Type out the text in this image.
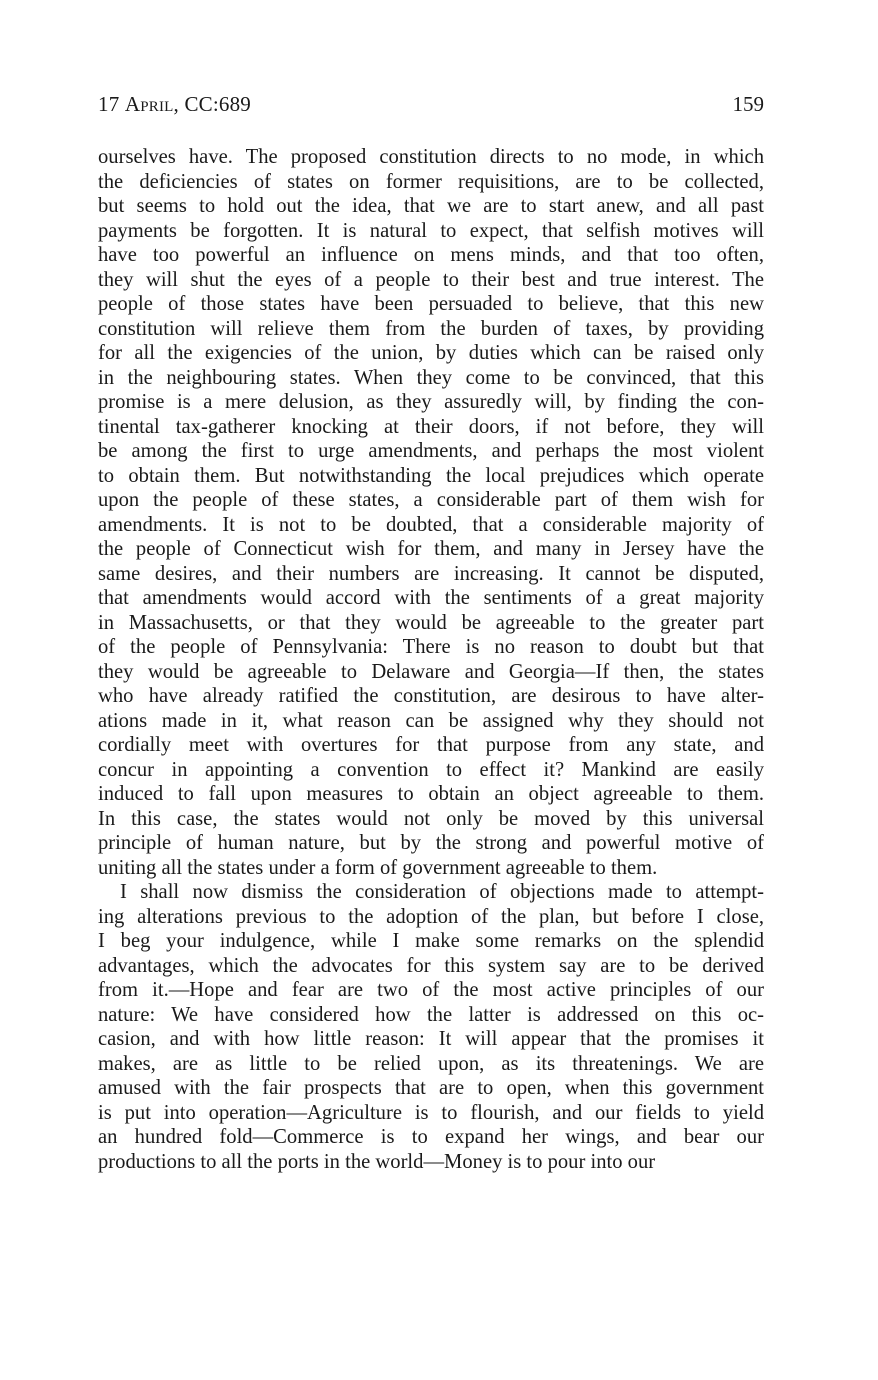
17 April, CC:689	159
ourselves have. The proposed constitution directs to no mode, in which
the deficiencies of states on former requisitions, are to be collected,
but seems to hold out the idea, that we are to start anew, and all past
payments be forgotten. It is natural to expect, that selfish motives will
have too powerful an influence on mens minds, and that too often,
they will shut the eyes of a people to their best and true interest. The
people of those states have been persuaded to believe, that this new
constitution will relieve them from the burden of taxes, by providing
for all the exigencies of the union, by duties which can be raised only
in the neighbouring states. When they come to be convinced, that this
promise is a mere delusion, as they assuredly will, by finding the con-
tinental tax-gatherer knocking at their doors, if not before, they will
be among the first to urge amendments, and perhaps the most violent
to obtain them. But notwithstanding the local prejudices which operate
upon the people of these states, a considerable part of them wish for
amendments. It is not to be doubted, that a considerable majority of
the people of Connecticut wish for them, and many in Jersey have the
same desires, and their numbers are increasing. It cannot be disputed,
that amendments would accord with the sentiments of a great majority
in Massachusetts, or that they would be agreeable to the greater part
of the people of Pennsylvania: There is no reason to doubt but that
they would be agreeable to Delaware and Georgia—If then, the states
who have already ratified the constitution, are desirous to have alter-
ations made in it, what reason can be assigned why they should not
cordially meet with overtures for that purpose from any state, and
concur in appointing a convention to effect it? Mankind are easily
induced to fall upon measures to obtain an object agreeable to them.
In this case, the states would not only be moved by this universal
principle of human nature, but by the strong and powerful motive of
uniting all the states under a form of government agreeable to them.
I shall now dismiss the consideration of objections made to attempt-
ing alterations previous to the adoption of the plan, but before I close,
I beg your indulgence, while I make some remarks on the splendid
advantages, which the advocates for this system say are to be derived
from it.—Hope and fear are two of the most active principles of our
nature: We have considered how the latter is addressed on this oc-
casion, and with how little reason: It will appear that the promises it
makes, are as little to be relied upon, as its threatenings. We are
amused with the fair prospects that are to open, when this government
is put into operation—Agriculture is to flourish, and our fields to yield
an hundred fold—Commerce is to expand her wings, and bear our
productions to all the ports in the world—Money is to pour into our
